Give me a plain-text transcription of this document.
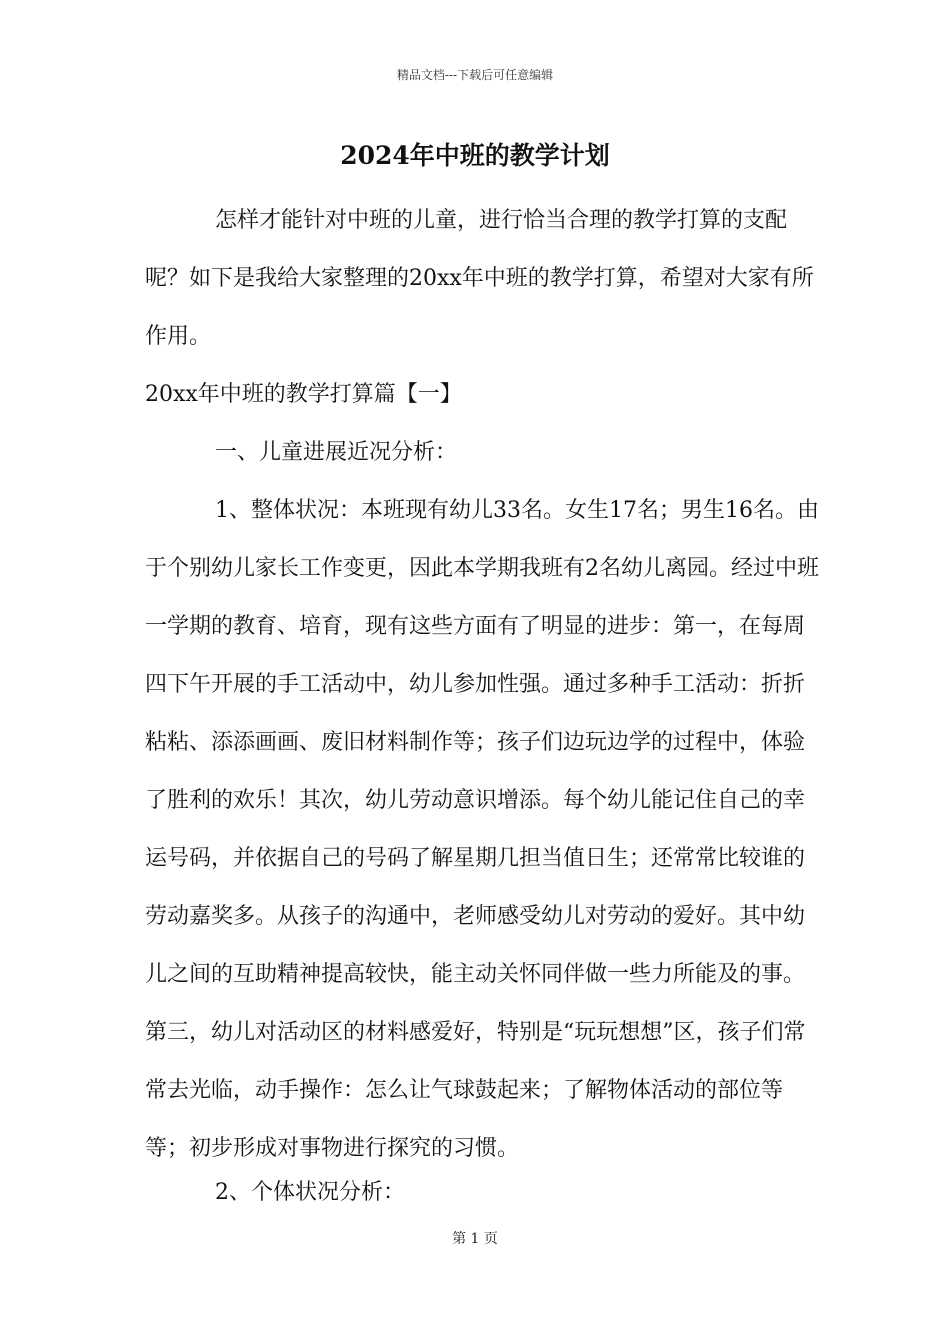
精品文档---下载后可任意编辑
2024年中班的教学计划

怎样才能针对中班的儿童，进行恰当合理的教学打算的支配呢？如下是我给大家整理的20xx年中班的教学打算，希望对大家有所作用。

20xx年中班的教学打算篇【一】

一、儿童进展近况分析：

1、整体状况：本班现有幼儿33名。女生17名；男生16名。由于个别幼儿家长工作变更，因此本学期我班有2名幼儿离园。经过中班一学期的教育、培育，现有这些方面有了明显的进步：第一，在每周四下午开展的手工活动中，幼儿参加性强。通过多种手工活动：折折粘粘、添添画画、废旧材料制作等；孩子们边玩边学的过程中，体验了胜利的欢乐！其次，幼儿劳动意识增添。每个幼儿能记住自己的幸运号码，并依据自己的号码了解星期几担当值日生；还常常比较谁的劳动嘉奖多。从孩子的沟通中，老师感受幼儿对劳动的爱好。其中幼儿之间的互助精神提高较快，能主动关怀同伴做一些力所能及的事。第三，幼儿对活动区的材料感爱好，特别是“玩玩想想”区，孩子们常常去光临，动手操作：怎么让气球鼓起来；了解物体活动的部位等等；初步形成对事物进行探究的习惯。

2、个体状况分析：

第 1 页
